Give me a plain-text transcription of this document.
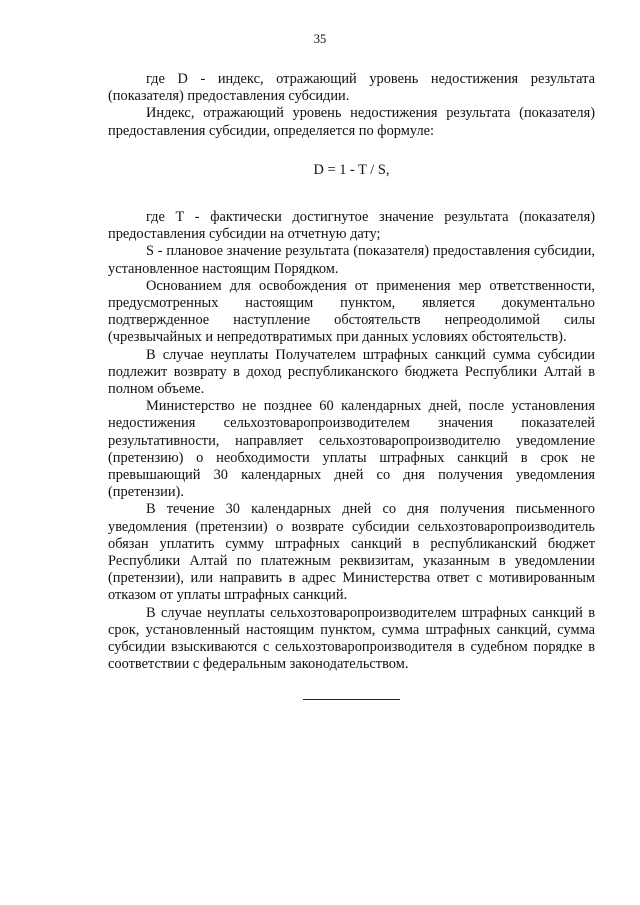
35

где D - индекс, отражающий уровень недостижения результата (показателя) предоставления субсидии.

Индекс, отражающий уровень недостижения результата (показателя) предоставления субсидии, определяется по формуле:

D = 1 - T / S,

где T - фактически достигнутое значение результата (показателя) предоставления субсидии на отчетную дату;

S - плановое значение результата (показателя) предоставления субсидии, установленное настоящим Порядком.

Основанием для освобождения от применения мер ответственности, предусмотренных настоящим пунктом, является документально подтвержденное наступление обстоятельств непреодолимой силы (чрезвычайных и непредотвратимых при данных условиях обстоятельств).

В случае неуплаты Получателем штрафных санкций сумма субсидии подлежит возврату в доход республиканского бюджета Республики Алтай в полном объеме.

Министерство не позднее 60 календарных дней, после установления недостижения сельхозтоваропроизводителем значения показателей результативности, направляет сельхозтоваропроизводителю уведомление (претензию) о необходимости уплаты штрафных санкций в срок не превышающий 30 календарных дней со дня получения уведомления (претензии).

В течение 30 календарных дней со дня получения письменного уведомления (претензии) о возврате субсидии сельхозтоваропроизводитель обязан уплатить сумму штрафных санкций в республиканский бюджет Республики Алтай по платежным реквизитам, указанным в уведомлении (претензии), или направить в адрес Министерства ответ с мотивированным отказом от уплаты штрафных санкций.

В случае неуплаты сельхозтоваропроизводителем штрафных санкций в срок, установленный настоящим пунктом, сумма штрафных санкций, сумма субсидии взыскиваются с сельхозтоваропроизводителя в судебном порядке в соответствии с федеральным законодательством.
